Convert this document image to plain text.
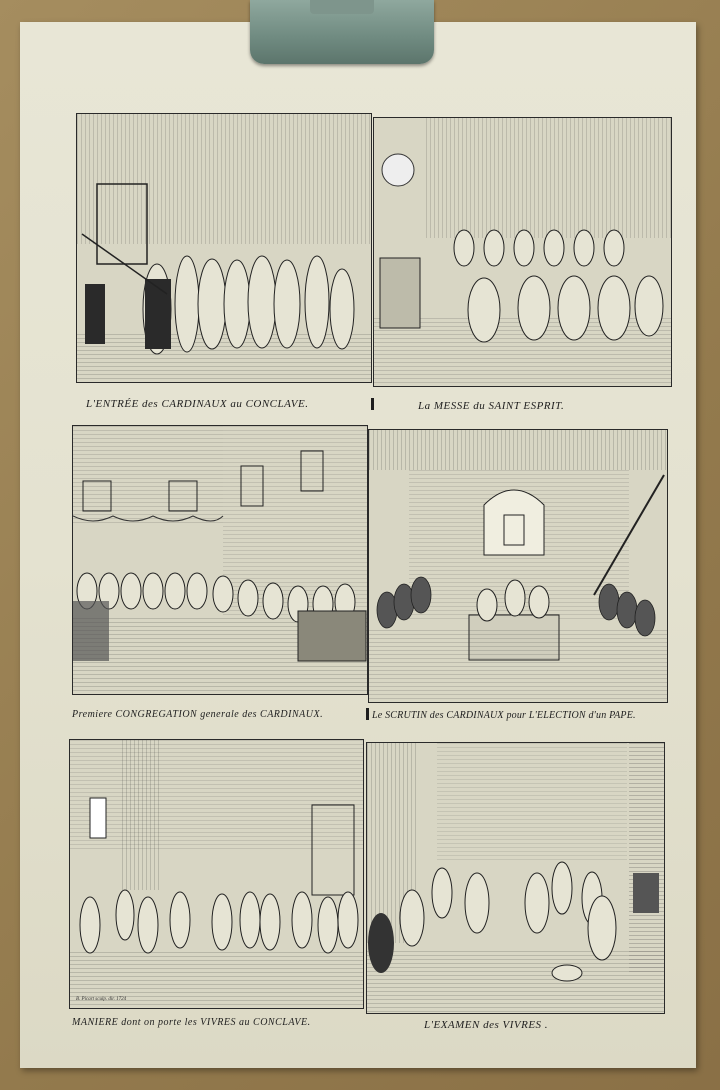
L'ENTRÉE des CARDINAUX au CONCLAVE.	La MESSE du SAINT ESPRIT.
Premiere CONGREGATION generale des CARDINAUX.	Le SCRUTIN des CARDINAUX pour L'ELECTION d'un PAPE.
B. Picart sculp. dir. 1724
MANIERE dont on porte les VIVRES au CONCLAVE.	L'EXAMEN des VIVRES .
